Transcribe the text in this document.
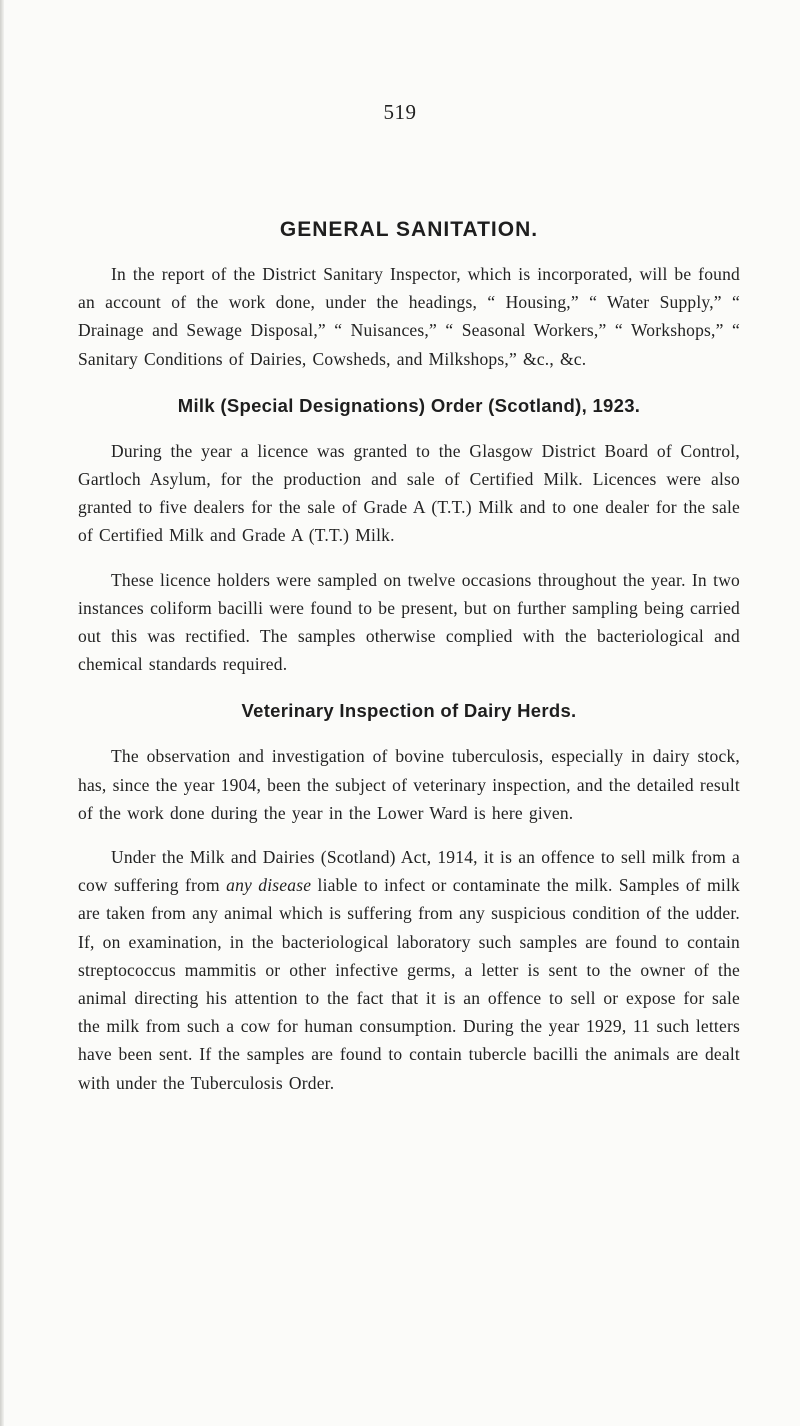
519
GENERAL SANITATION.

In the report of the District Sanitary Inspector, which is incorporated, will be found an account of the work done, under the headings, “ Housing,” “ Water Supply,” “ Drainage and Sewage Disposal,” “ Nuisances,” “ Seasonal Workers,” “ Workshops,” “ Sanitary Conditions of Dairies, Cowsheds, and Milkshops,” &c., &c.

Milk (Special Designations) Order (Scotland), 1923.

During the year a licence was granted to the Glasgow District Board of Control, Gartloch Asylum, for the production and sale of Certified Milk. Licences were also granted to five dealers for the sale of Grade A (T.T.) Milk and to one dealer for the sale of Certified Milk and Grade A (T.T.) Milk.

These licence holders were sampled on twelve occasions throughout the year. In two instances coliform bacilli were found to be present, but on further sampling being carried out this was rectified. The samples otherwise complied with the bacteriological and chemical standards required.

Veterinary Inspection of Dairy Herds.

The observation and investigation of bovine tuberculosis, especially in dairy stock, has, since the year 1904, been the subject of veterinary inspection, and the detailed result of the work done during the year in the Lower Ward is here given.

Under the Milk and Dairies (Scotland) Act, 1914, it is an offence to sell milk from a cow suffering from any disease liable to infect or contaminate the milk. Samples of milk are taken from any animal which is suffering from any suspicious condition of the udder. If, on examination, in the bacteriological laboratory such samples are found to contain streptococcus mammitis or other infective germs, a letter is sent to the owner of the animal directing his attention to the fact that it is an offence to sell or expose for sale the milk from such a cow for human consumption. During the year 1929, 11 such letters have been sent. If the samples are found to contain tubercle bacilli the animals are dealt with under the Tuberculosis Order.
